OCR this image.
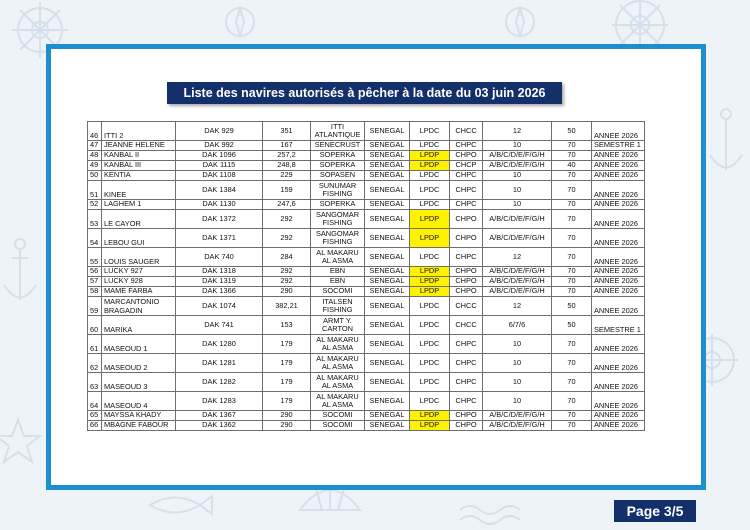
Liste des navires autorisés à pêcher à la date du 03 juin 2026
46	ITTI 2	DAK 929	351	ITTI ATLANTIQUE	SENEGAL	LPDC	CHCC	12	50	ANNEE 2026
47	JEANNE HELENE	DAK 992	167	SENECRUST	SENEGAL	LPDC	CHPC	10	70	SEMESTRE 1
48	KANBAL II	DAK 1096	257,2	SOPERKA	SENEGAL	LPDP	CHPO	A/B/C/D/E/F/G/H	70	ANNEE 2026
49	KANBAL III	DAK 1115	248,8	SOPERKA	SENEGAL	LPDP	CHCP	A/B/C/D/E/F/G/H	40	ANNEE 2026
50	KENTIA	DAK 1108	229	SOPASEN	SENEGAL	LPDC	CHPC	10	70	ANNEE 2026
51	KINEE	DAK 1384	159	SUNUMAR FISHING	SENEGAL	LPDC	CHPC	10	70	ANNEE 2026
52	LAGHEM 1	DAK 1130	247,6	SOPERKA	SENEGAL	LPDC	CHPC	10	70	ANNEE 2026
53	LE CAYOR	DAK 1372	292	SANGOMAR FISHING	SENEGAL	LPDP	CHPO	A/B/C/D/E/F/G/H	70	ANNEE 2026
54	LEBOU GUI	DAK 1371	292	SANGOMAR FISHING	SENEGAL	LPDP	CHPO	A/B/C/D/E/F/G/H	70	ANNEE 2026
55	LOUIS SAUGER	DAK 740	284	AL MAKARU AL ASMA	SENEGAL	LPDC	CHPC	12	70	ANNEE 2026
56	LUCKY 927	DAK 1318	292	EBN	SENEGAL	LPDP	CHPO	A/B/C/D/E/F/G/H	70	ANNEE 2026
57	LUCKY 928	DAK 1319	292	EBN	SENEGAL	LPDP	CHPO	A/B/C/D/E/F/G/H	70	ANNEE 2026
58	MAME FARBA	DAK 1366	290	SOCOMI	SENEGAL	LPDP	CHPO	A/B/C/D/E/F/G/H	70	ANNEE 2026
59	MARCANTONIO BRAGADIN	DAK 1074	382,21	ITALSEN FISHING	SENEGAL	LPDC	CHCC	12	50	ANNEE 2026
60	MARIKA	DAK 741	153	ARMT Y. CARTON	SENEGAL	LPDC	CHCC	6/7/6	50	SEMESTRE 1
61	MASEOUD 1	DAK 1280	179	AL MAKARU AL ASMA	SENEGAL	LPDC	CHPC	10	70	ANNEE 2026
62	MASEOUD 2	DAK 1281	179	AL MAKARU AL ASMA	SENEGAL	LPDC	CHPC	10	70	ANNEE 2026
63	MASEOUD 3	DAK 1282	179	AL MAKARU AL ASMA	SENEGAL	LPDC	CHPC	10	70	ANNEE 2026
64	MASEOUD 4	DAK 1283	179	AL MAKARU AL ASMA	SENEGAL	LPDC	CHPC	10	70	ANNEE 2026
65	MAYSSA KHADY	DAK 1367	290	SOCOMI	SENEGAL	LPDP	CHPO	A/B/C/D/E/F/G/H	70	ANNEE 2026
66	MBAGNE FABOUR	DAK 1362	290	SOCOMI	SENEGAL	LPDP	CHPO	A/B/C/D/E/F/G/H	70	ANNEE 2026
Page 3/5
